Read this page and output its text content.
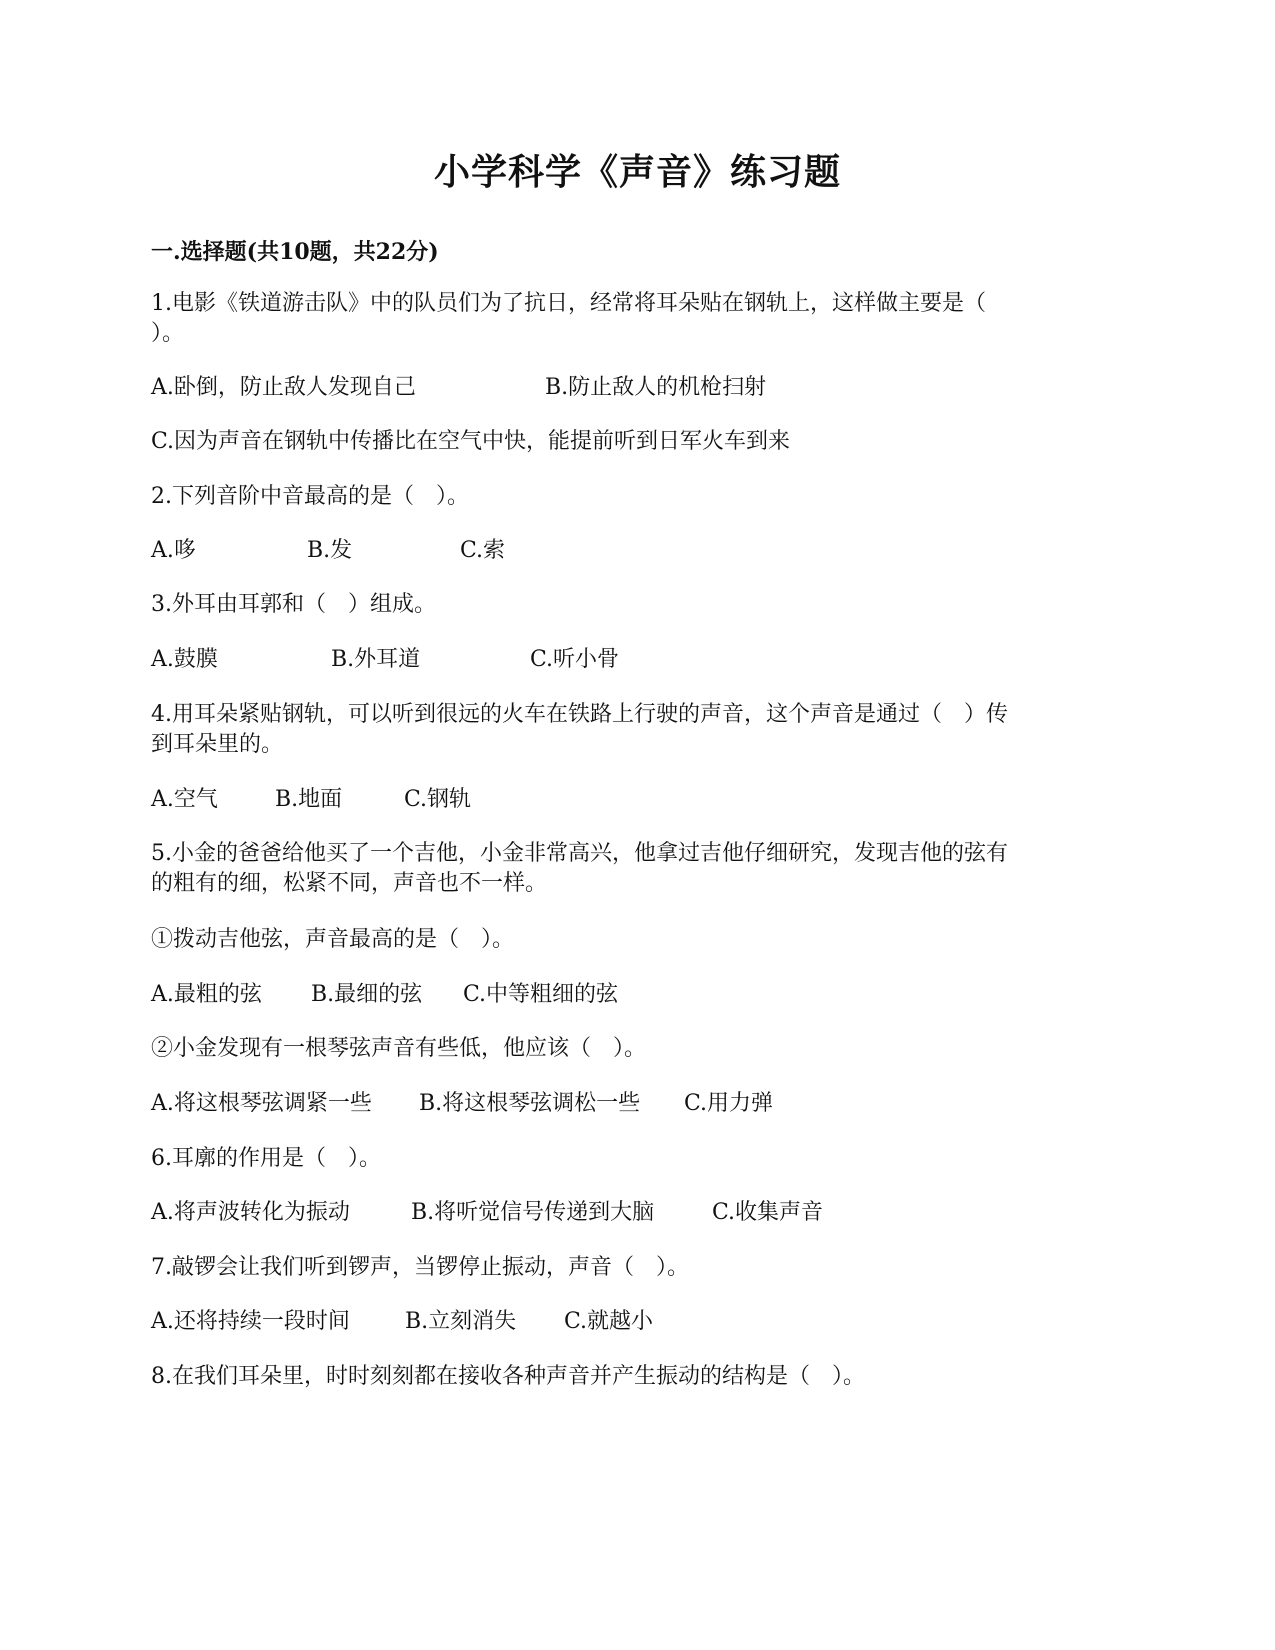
小学科学《声音》练习题
一.选择题(共10题，共22分)
1.电影《铁道游击队》中的队员们为了抗日，经常将耳朵贴在钢轨上，这样做主要是（
）。
A.卧倒，防止敌人发现自己	B.防止敌人的机枪扫射
C.因为声音在钢轨中传播比在空气中快，能提前听到日军火车到来
2.下列音阶中音最高的是（　）。
A.哆	B.发	C.索
3.外耳由耳郭和（　）组成。
A.鼓膜	B.外耳道	C.听小骨
4.用耳朵紧贴钢轨，可以听到很远的火车在铁路上行驶的声音，这个声音是通过（　）传
到耳朵里的。
A.空气	B.地面	C.钢轨
5.小金的爸爸给他买了一个吉他，小金非常高兴，他拿过吉他仔细研究，发现吉他的弦有
的粗有的细，松紧不同，声音也不一样。
①拨动吉他弦，声音最高的是（　）。
A.最粗的弦 B.最细的弦 C.中等粗细的弦
②小金发现有一根琴弦声音有些低，他应该（　）。
A.将这根琴弦调紧一些 B.将这根琴弦调松一些 C.用力弹
6.耳廓的作用是（　）。
A.将声波转化为振动	B.将听觉信号传递到大脑	C.收集声音
7.敲锣会让我们听到锣声，当锣停止振动，声音（　）。
A.还将持续一段时间	B.立刻消失 C.就越小
8.在我们耳朵里，时时刻刻都在接收各种声音并产生振动的结构是（　）。
